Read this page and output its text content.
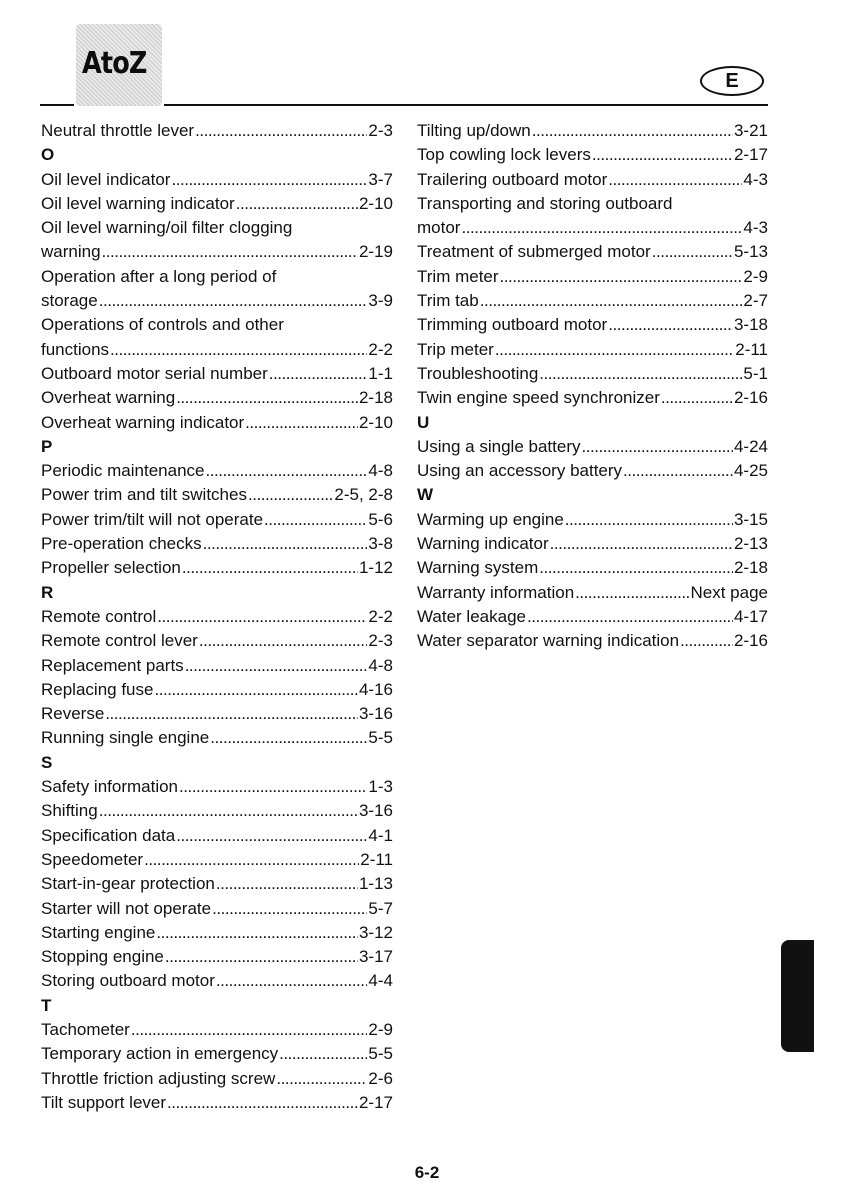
AtoZ	E
Neutral throttle lever . . .	2-3
O
Oil level indicator . . .	3-7
Oil level warning indicator . . .	2-10
Oil level warning/oil filter clogging
warning . . .	2-19
Operation after a long period of
storage . . .	3-9
Operations of controls and other
functions . . .	2-2
Outboard motor serial number . . .	1-1
Overheat warning . . .	2-18
Overheat warning indicator . . .	2-10
P
Periodic maintenance . . .	4-8
Power trim and tilt switches . . .	2-5, 2-8
Power trim/tilt will not operate . . .	5-6
Pre-operation checks . . .	3-8
Propeller selection . . .	1-12
R
Remote control . . .	2-2
Remote control lever . . .	2-3
Replacement parts . . .	4-8
Replacing fuse . . .	4-16
Reverse . . .	3-16
Running single engine . . .	5-5
S
Safety information . . .	1-3
Shifting . . .	3-16
Specification data . . .	4-1
Speedometer . . .	2-11
Start-in-gear protection . . .	1-13
Starter will not operate . . .	5-7
Starting engine . . .	3-12
Stopping engine . . .	3-17
Storing outboard motor . . .	4-4
T
Tachometer . . .	2-9
Temporary action in emergency . . .	5-5
Throttle friction adjusting screw . . .	2-6
Tilt support lever . . .	2-17
Tilting up/down . . .	3-21
Top cowling lock levers . . .	2-17
Trailering outboard motor . . .	4-3
Transporting and storing outboard
motor . . .	4-3
Treatment of submerged motor . . .	5-13
Trim meter . . .	2-9
Trim tab . . .	2-7
Trimming outboard motor . . .	3-18
Trip meter . . .	2-11
Troubleshooting . . .	5-1
Twin engine speed synchronizer . . .	2-16
U
Using a single battery . . .	4-24
Using an accessory battery . . .	4-25
W
Warming up engine . . .	3-15
Warning indicator . . .	2-13
Warning system . . .	2-18
Warranty information . . .	Next page
Water leakage . . .	4-17
Water separator warning indication . . .	2-16
6-2
